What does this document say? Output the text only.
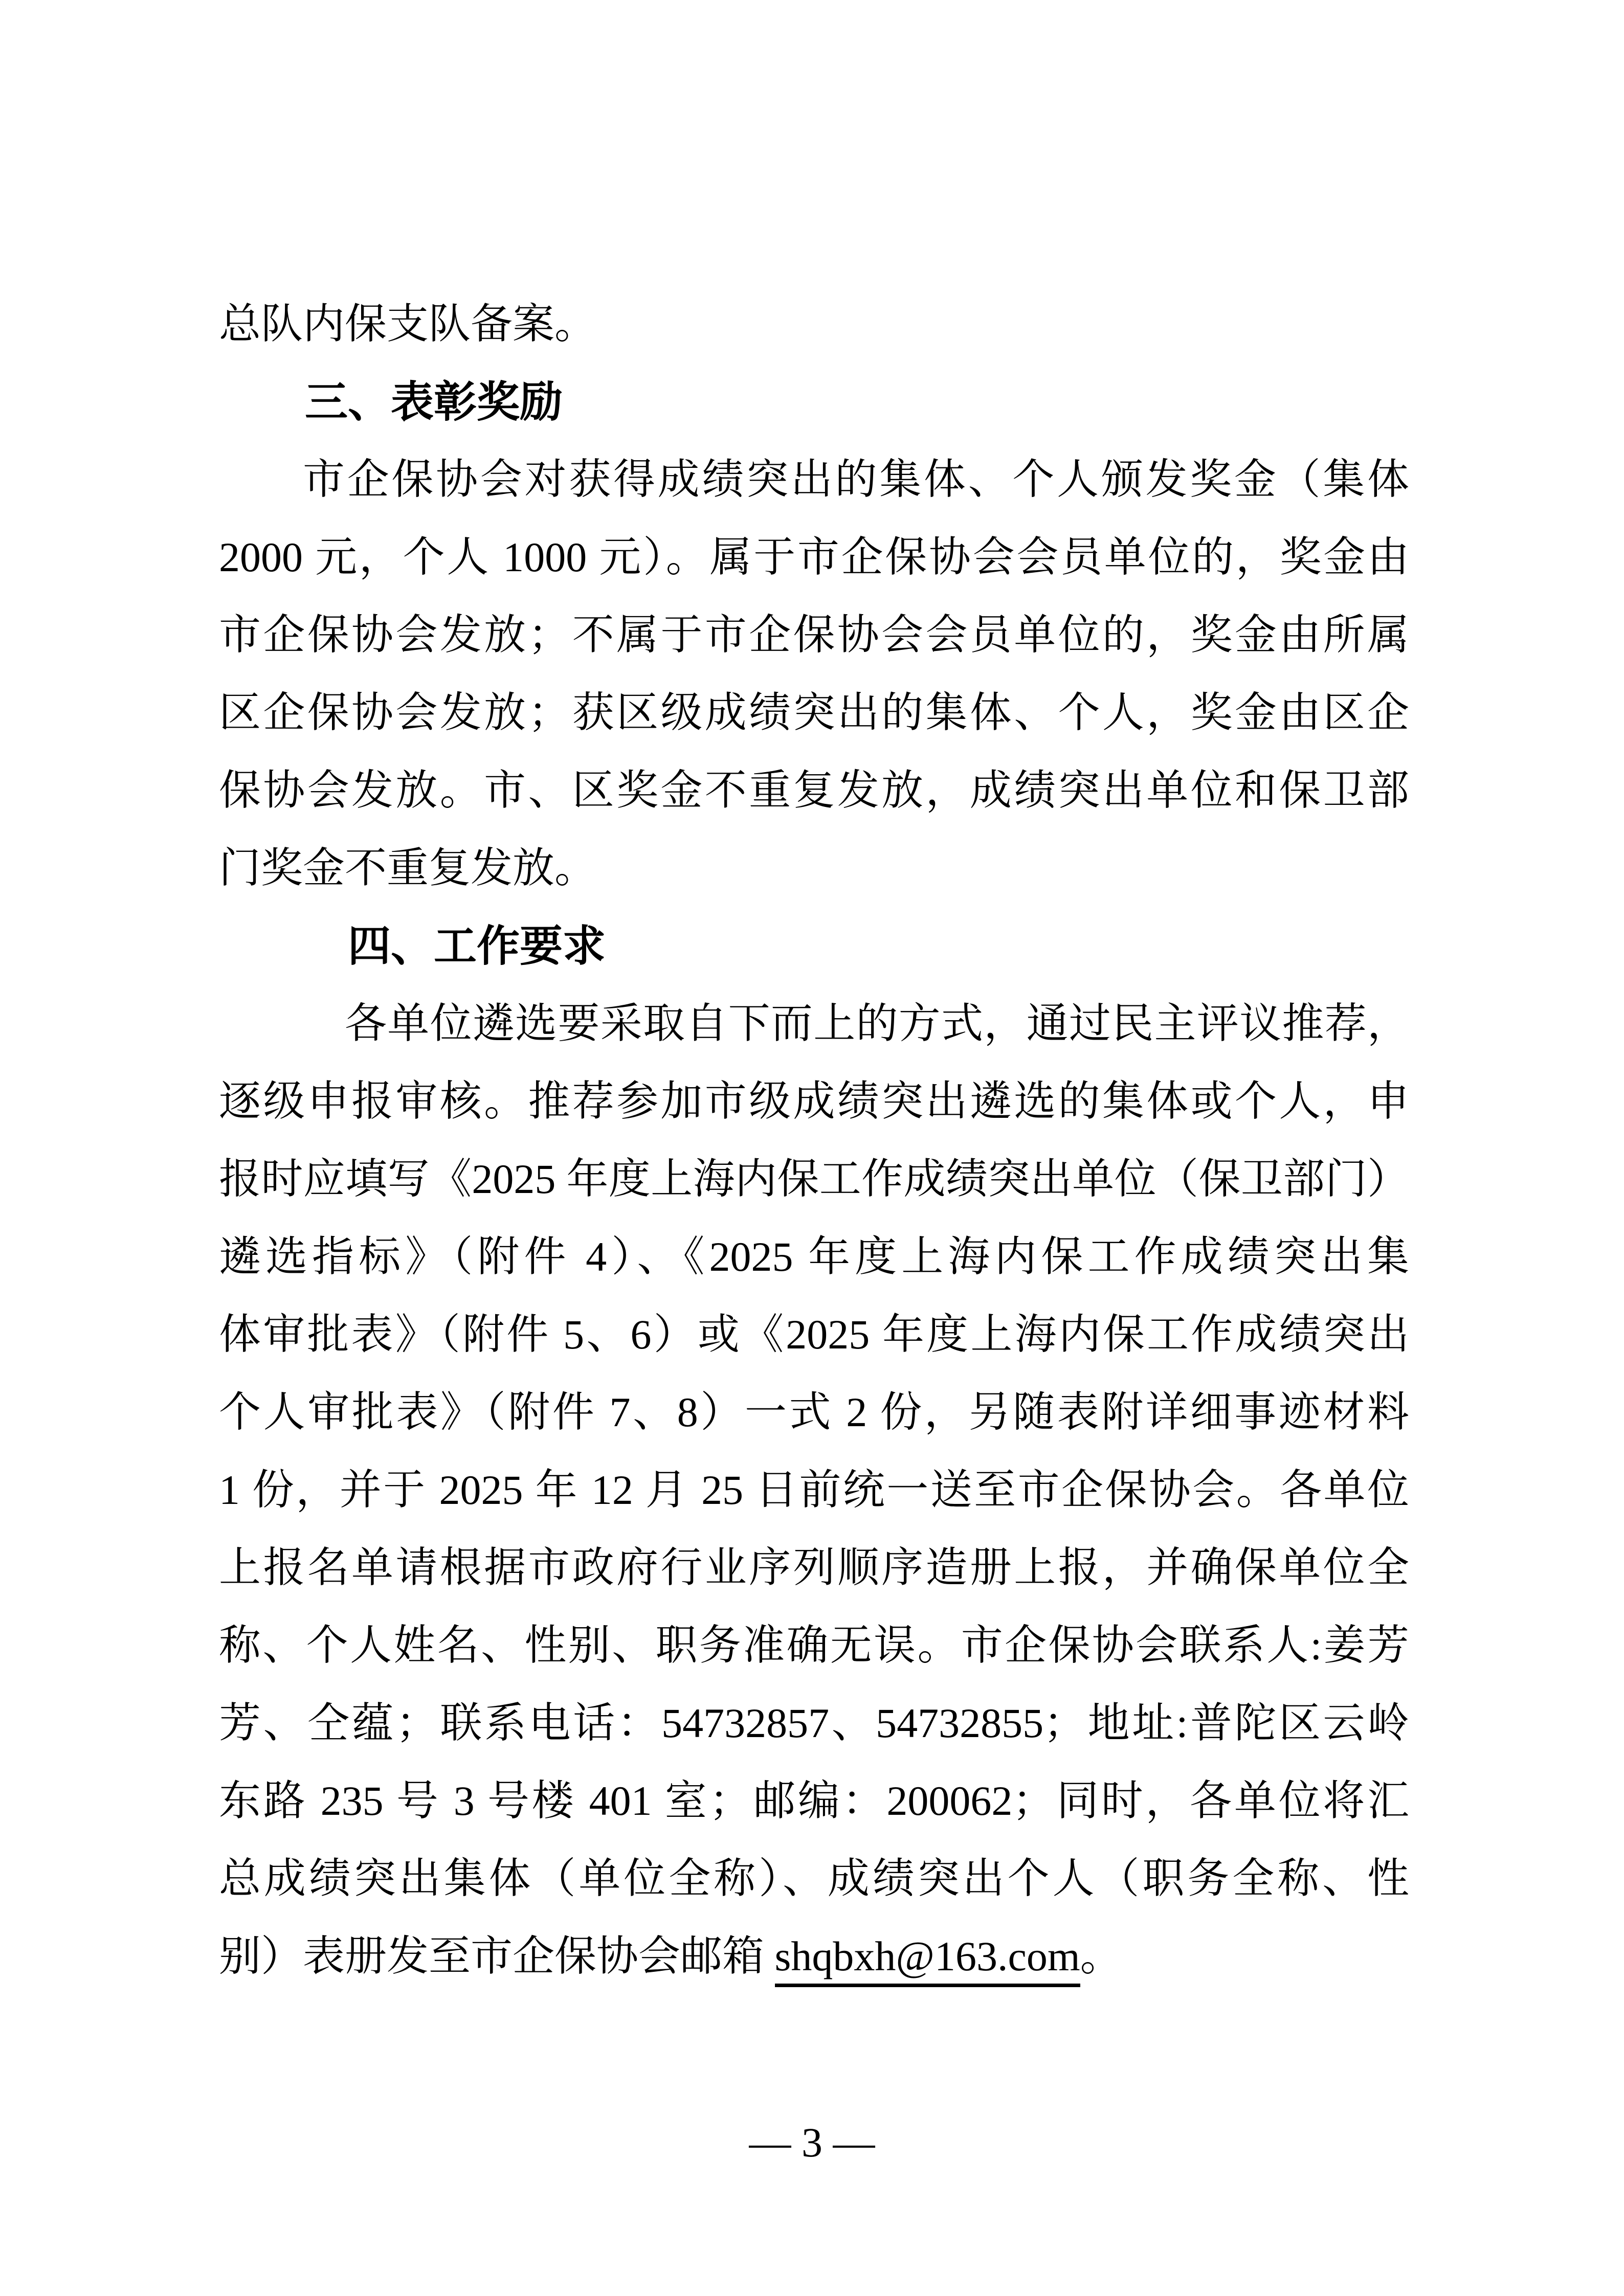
总队内保支队备案。
三、表彰奖励
市企保协会对获得成绩突出的集体、个人颁发奖金（集体
2000 元，个人 1000 元）。属于市企保协会会员单位的，奖金由
市企保协会发放；不属于市企保协会会员单位的，奖金由所属
区企保协会发放；获区级成绩突出的集体、个人，奖金由区企
保协会发放。市、区奖金不重复发放，成绩突出单位和保卫部
门奖金不重复发放。
四、工作要求
各单位遴选要采取自下而上的方式，通过民主评议推荐，
逐级申报审核。推荐参加市级成绩突出遴选的集体或个人，申
报时应填写《2025 年度上海内保工作成绩突出单位（保卫部门）
遴选指标》（附件 4）、《2025 年度上海内保工作成绩突出集
体审批表》（附件 5、6）或《2025 年度上海内保工作成绩突出
个人审批表》（附件 7、8）一式 2 份，另随表附详细事迹材料
1 份，并于 2025 年 12 月 25 日前统一送至市企保协会。各单位
上报名单请根据市政府行业序列顺序造册上报，并确保单位全
称、个人姓名、性别、职务准确无误。市企保协会联系人:姜芳
芳、仝蕴；联系电话：54732857、54732855；地址:普陀区云岭
东路 235 号 3 号楼 401 室；邮编：200062；同时，各单位将汇
总成绩突出集体（单位全称）、成绩突出个人（职务全称、性
别）表册发至市企保协会邮箱 shqbxh@163.com。
— 3 —
